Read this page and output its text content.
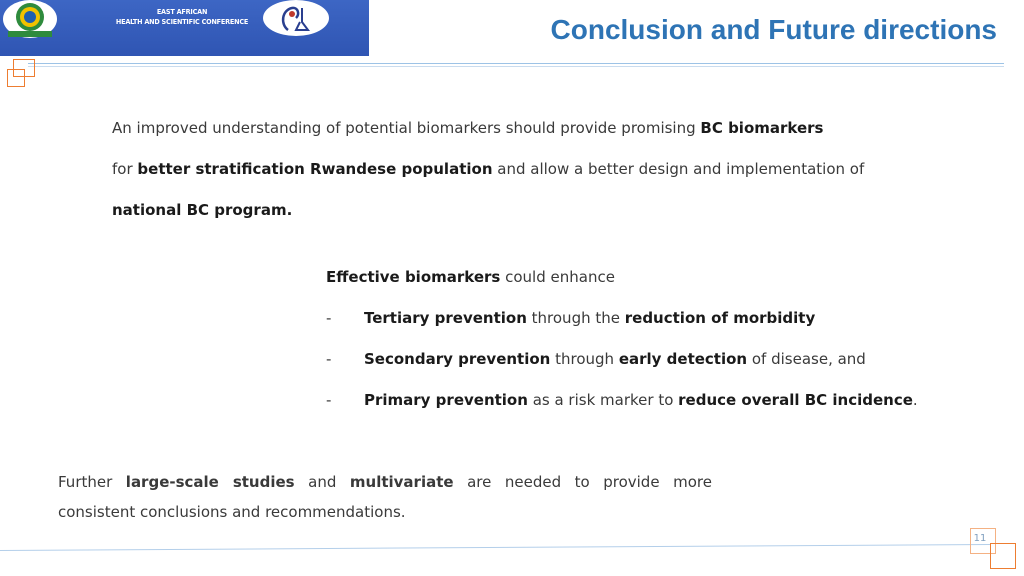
EAST AFRICAN
HEALTH AND SCIENTIFIC CONFERENCE	Conclusion and Future directions
11
An improved understanding of potential biomarkers should provide promising BC biomarkers
for better stratification Rwandese population and allow a better design and implementation of
national BC program.
Effective biomarkers could enhance
- Tertiary prevention through the reduction of morbidity
- Secondary prevention through early detection of disease, and
- Primary prevention as a risk marker to reduce overall BC incidence.
Further large-scale studies and multivariate are needed to provide more
consistent conclusions and recommendations.
